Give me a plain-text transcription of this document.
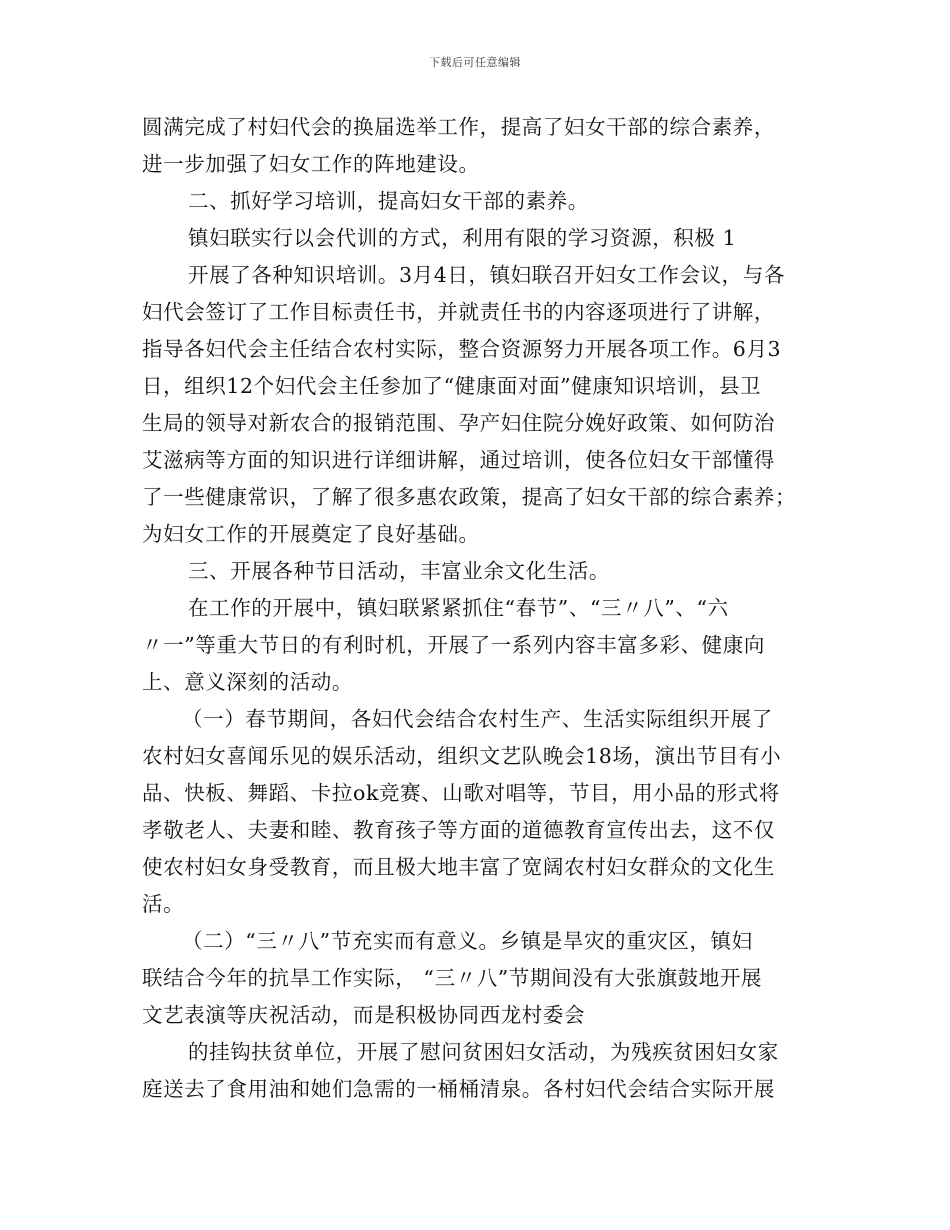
下载后可任意编辑
圆满完成了村妇代会的换届选举工作，提高了妇女干部的综合素养，
进一步加强了妇女工作的阵地建设。
二、抓好学习培训，提高妇女干部的素养。
镇妇联实行以会代训的方式，利用有限的学习资源，积极 1
开展了各种知识培训。3月4日，镇妇联召开妇女工作会议，与各
妇代会签订了工作目标责任书，并就责任书的内容逐项进行了讲解，
指导各妇代会主任结合农村实际，整合资源努力开展各项工作。6月3
日，组织12个妇代会主任参加了“健康面对面”健康知识培训，县卫
生局的领导对新农合的报销范围、孕产妇住院分娩好政策、如何防治
艾滋病等方面的知识进行详细讲解，通过培训，使各位妇女干部懂得
了一些健康常识，了解了很多惠农政策，提高了妇女干部的综合素养；
为妇女工作的开展奠定了良好基础。
三、开展各种节日活动，丰富业余文化生活。
在工作的开展中，镇妇联紧紧抓住“春节”、“三〃八”、“六
〃一”等重大节日的有利时机，开展了一系列内容丰富多彩、健康向
上、意义深刻的活动。
（一）春节期间，各妇代会结合农村生产、生活实际组织开展了
农村妇女喜闻乐见的娱乐活动，组织文艺队晚会18场，演出节目有小
品、快板、舞蹈、卡拉ok竞赛、山歌对唱等，节目，用小品的形式将
孝敬老人、夫妻和睦、教育孩子等方面的道德教育宣传出去，这不仅
使农村妇女身受教育，而且极大地丰富了宽阔农村妇女群众的文化生
活。
（二）“三〃八”节充实而有意义。乡镇是旱灾的重灾区，镇妇
联结合今年的抗旱工作实际， “三〃八”节期间没有大张旗鼓地开展
文艺表演等庆祝活动，而是积极协同西龙村委会
的挂钩扶贫单位，开展了慰问贫困妇女活动，为残疾贫困妇女家
庭送去了食用油和她们急需的一桶桶清泉。各村妇代会结合实际开展
